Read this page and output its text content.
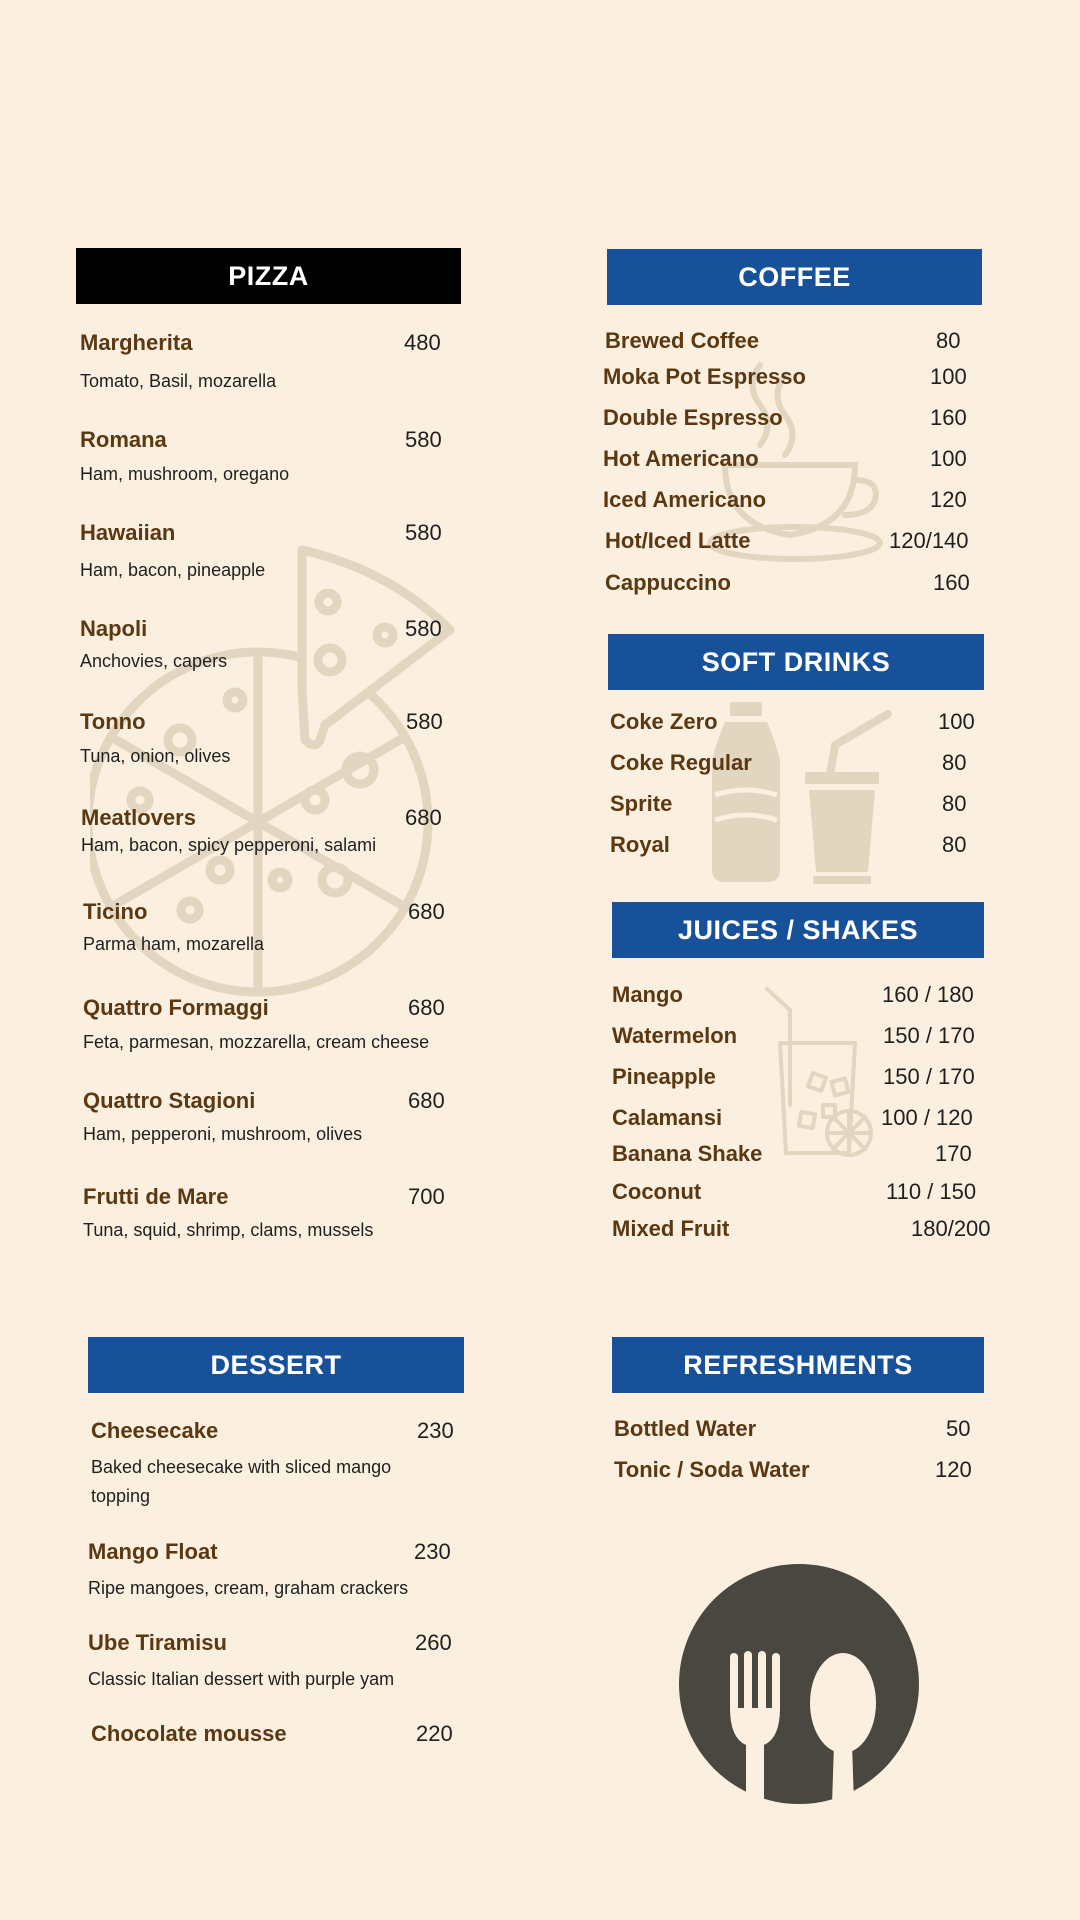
PIZZA
Margherita	480
Tomato, Basil, mozarella
Romana	580
Ham, mushroom, oregano
Hawaiian	580
Ham, bacon, pineapple
Napoli	580
Anchovies, capers
Tonno	580
Tuna, onion, olives
Meatlovers	680
Ham, bacon, spicy pepperoni, salami
Ticino	680
Parma ham, mozarella
Quattro Formaggi	680
Feta, parmesan, mozzarella, cream cheese
Quattro Stagioni	680
Ham, pepperoni, mushroom, olives
Frutti de Mare	700
Tuna, squid, shrimp, clams, mussels
COFFEE
Brewed Coffee	80
Moka Pot Espresso	100
Double Espresso	160
Hot Americano	100
Iced Americano	120
Hot/Iced Latte	120/140
Cappuccino	160
SOFT DRINKS
Coke Zero	100
Coke Regular	80
Sprite	80
Royal	80
JUICES / SHAKES
Mango	160 / 180
Watermelon	150 / 170
Pineapple	150 / 170
Calamansi	100 / 120
Banana Shake	170
Coconut	110 / 150
Mixed Fruit	180/200
DESSERT
Cheesecake	230
Baked cheesecake with sliced mango topping
Mango Float	230
Ripe mangoes, cream, graham crackers
Ube Tiramisu	260
Classic Italian dessert with purple yam
Chocolate mousse	220
REFRESHMENTS
Bottled Water	50
Tonic / Soda Water	120
